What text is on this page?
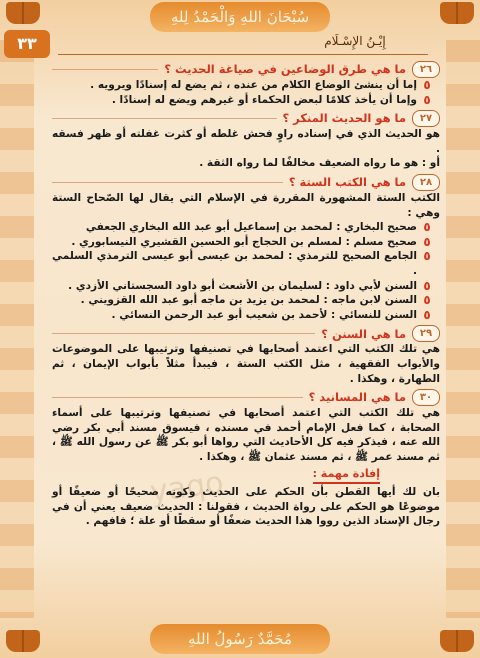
سُبْحَانَ اللهِ وَالْحَمْدُ لِلهِ
مُحَمَّدٌ رَسُولُ اللهِ
٣٣	إِيْـنُ الإِسْـلَام
yaqo
٢٦
ما هي طرق الوضاعين في صياغة الحديث ؟
٥
إما أن ينشئ الوضاع الكلام من عنده ، ثم يضع له إسنادًا ويرويه .
٥
وإما أن يأخذ كلامًا لبعض الحكماء أو غيرهم ويضع له إسنادًا .
٢٧
ما هو الحديث المنكر ؟
هو الحديث الذي في إسناده راوٍ فحش غلطه أو كثرت غفلته أو ظهر فسقه .
أو : هو ما رواه الضعيف مخالفًا لما رواه الثقة .
٢٨
ما هي الكتب الستة ؟
الكتب الستة المشهورة المقررة في الإسلام التي يقال لها الصّحاح الستة وهي :
٥
صحيح البخاري : لمحمد بن إسماعيل أبو عبد الله البخاري الجعفي
٥
صحيح مسلم : لمسلم بن الحجاج أبو الحسين القشيري النيسابوري .
٥
الجامع الصحيح للترمذي : لمحمد بن عيسى أبو عيسى الترمذي السلمي .
٥
السنن لأبي داود : لسليمان بن الأشعث أبو داود السجستاني الأزدي .
٥
السنن لابن ماجه : لمحمد بن يزيد بن ماجه أبو عبد الله القزويني .
٥
السنن للنسائي : لأحمد بن شعيب أبو عبد الرحمن النسائي .
٢٩
ما هي السنن ؟
هي تلك الكتب التي اعتمد أصحابها في تصنيفها وترتيبها على الموضوعات والأبواب الفقهية ، مثل الكتب الستة ، فيبدأ مثلاً بأبواب الإيمان ، ثم الطهارة ، وهكذا .
٣٠
ما هي المسانيد ؟
هي تلك الكتب التي اعتمد أصحابها في تصنيفها وترتيبها على أسماء الصحابة ، كما فعل الإمام أحمد في مسنده ، فيسوق مسند أبي بكر رضي الله عنه ، فيذكر فيه كل الأحاديث التي رواها أبو بكر ﷺ عن رسول الله ﷺ ، ثم مسند عمر ﷺ ، ثم مسند عثمان ﷺ ، وهكذا .
إفادة مهمة :
بان لك أيها القطن بأن الحكم على الحديث وكونه صحيحًا أو ضعيفًا أو موضوعًا هو الحكم على رواة الحديث ، فقولنا : الحديث ضعيف يعني أن في رجال الإسناد الذين رووا هذا الحديث ضعفًا أو سقطًا أو علة ؛ فافهم .
